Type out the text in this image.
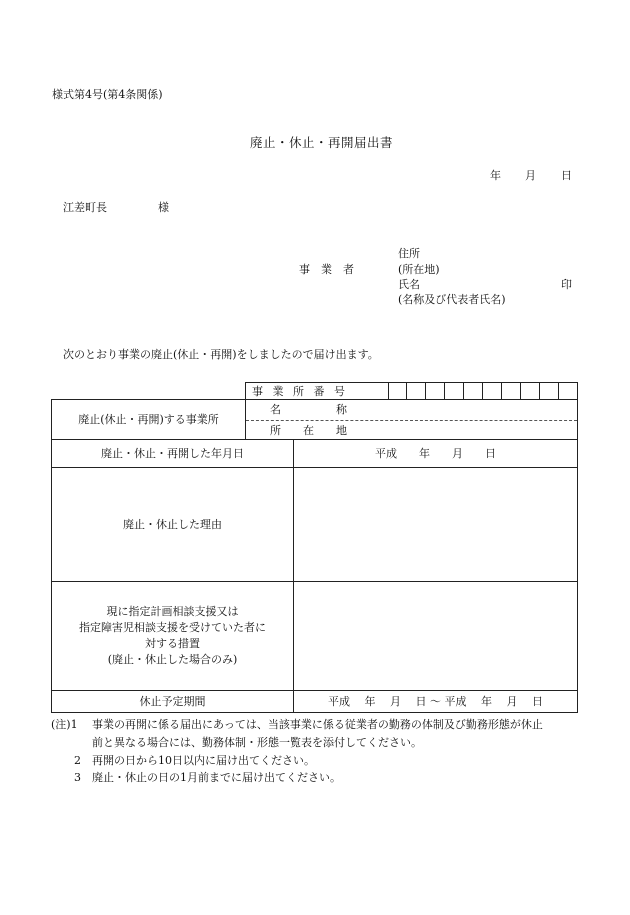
様式第4号(第4条関係)
廃止・休止・再開届出書
年 月 日
江差町長	様
住所
事　業　者	(所在地)
氏名	印
(名称及び代表者氏名)
次のとおり事業の廃止(休止・再開)をしましたので届け出ます。
事 業 所 番 号
廃止(休止・再開)する事業所
名　　　　　称
所　　在　　地
廃止・休止・再開した年月日	平成　　年　　月　　日
廃止・休止した理由
現に指定計画相談支援又は
指定障害児相談支援を受けていた者に
対する措置
(廃止・休止した場合のみ)
休止予定期間	平成　 年　 月　 日 〜 平成　 年　 月　 日
(注)1 事業の再開に係る届出にあっては、当該事業に係る従業者の勤務の体制及び勤務形態が休止
前と異なる場合には、勤務体制・形態一覧表を添付してください。
2 再開の日から10日以内に届け出てください。
3 廃止・休止の日の1月前までに届け出てください。
